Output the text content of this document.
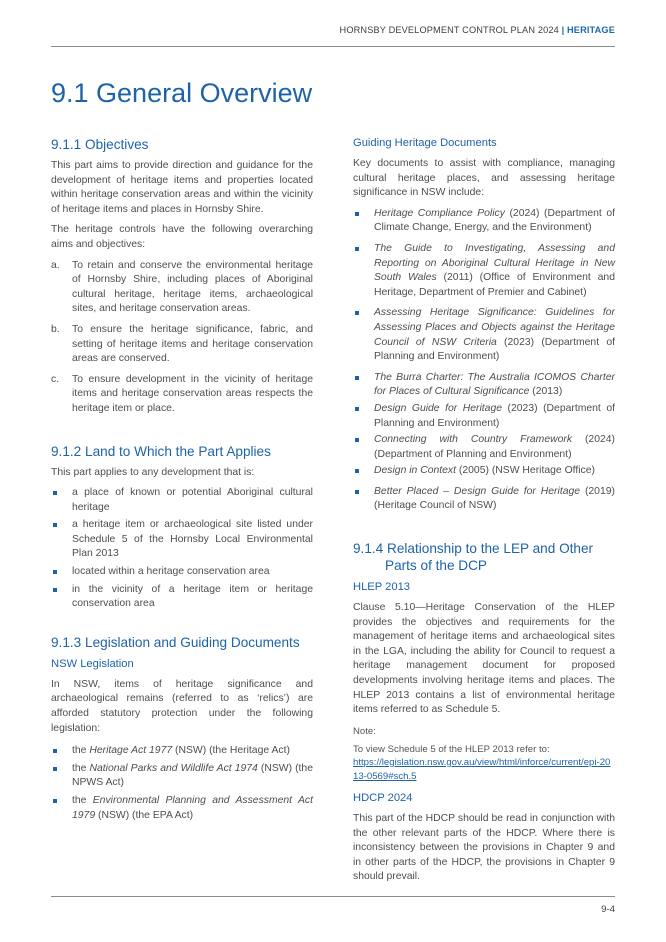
HORNSBY DEVELOPMENT CONTROL PLAN 2024 | HERITAGE
9.1 General Overview
9.1.1 Objectives

This part aims to provide direction and guidance for the development of heritage items and properties located within heritage conservation areas and within the vicinity of heritage items and places in Hornsby Shire.

The heritage controls have the following overarching aims and objectives:

a. To retain and conserve the environmental heritage of Hornsby Shire, including places of Aboriginal cultural heritage, heritage items, archaeological sites, and heritage conservation areas.
b. To ensure the heritage significance, fabric, and setting of heritage items and heritage conservation areas are conserved.
c. To ensure development in the vicinity of heritage items and heritage conservation areas respects the heritage item or place.
9.1.2 Land to Which the Part Applies

This part applies to any development that is:

a place of known or potential Aboriginal cultural heritage
a heritage item or archaeological site listed under Schedule 5 of the Hornsby Local Environmental Plan 2013
located within a heritage conservation area
in the vicinity of a heritage item or heritage conservation area
9.1.3 Legislation and Guiding Documents
NSW Legislation

In NSW, items of heritage significance and archaeological remains (referred to as ‘relics’) are afforded statutory protection under the following legislation:

the Heritage Act 1977 (NSW) (the Heritage Act)
the National Parks and Wildlife Act 1974 (NSW) (the NPWS Act)
the Environmental Planning and Assessment Act 1979 (NSW) (the EPA Act)
Guiding Heritage Documents

Key documents to assist with compliance, managing cultural heritage places, and assessing heritage significance in NSW include:

Heritage Compliance Policy (2024) (Department of Climate Change, Energy, and the Environment)
The Guide to Investigating, Assessing and Reporting on Aboriginal Cultural Heritage in New South Wales (2011) (Office of Environment and Heritage, Department of Premier and Cabinet)
Assessing Heritage Significance: Guidelines for Assessing Places and Objects against the Heritage Council of NSW Criteria (2023) (Department of Planning and Environment)
The Burra Charter: The Australia ICOMOS Charter for Places of Cultural Significance (2013)
Design Guide for Heritage (2023) (Department of Planning and Environment)
Connecting with Country Framework (2024) (Department of Planning and Environment)
Design in Context (2005) (NSW Heritage Office)
Better Placed – Design Guide for Heritage (2019) (Heritage Council of NSW)
9.1.4 Relationship to the LEP and Other
Parts of the DCP
HLEP 2013

Clause 5.10—Heritage Conservation of the HLEP provides the objectives and requirements for the management of heritage items and archaeological sites in the LGA, including the ability for Council to request a heritage management document for proposed developments involving heritage items and places. The HLEP 2013 contains a list of environmental heritage items referred to as Schedule 5.

Note:

To view Schedule 5 of the HLEP 2013 refer to:

https://legislation.nsw.gov.au/view/html/inforce/current/epi-2013-0569#sch.5

HDCP 2024

This part of the HDCP should be read in conjunction with the other relevant parts of the HDCP. Where there is inconsistency between the provisions in Chapter 9 and in other parts of the HDCP, the provisions in Chapter 9 should prevail.

9-4
